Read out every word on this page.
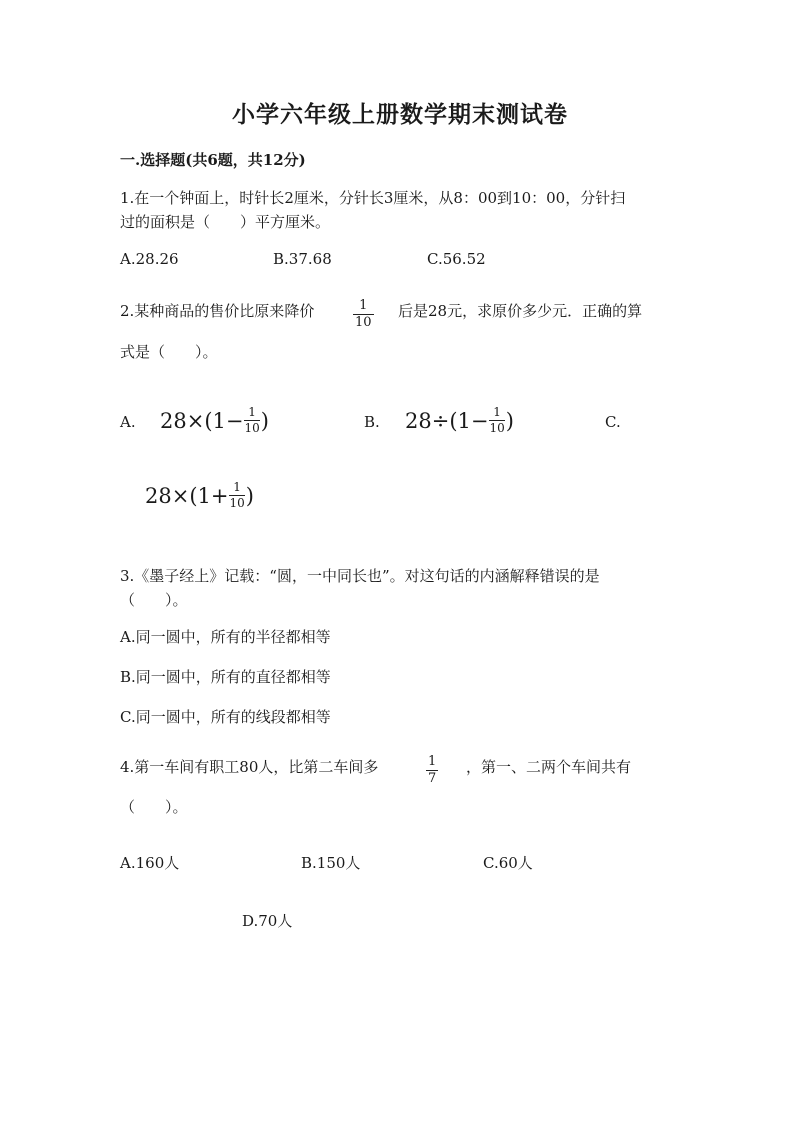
小学六年级上册数学期末测试卷
一.选择题(共6题，共12分)
1.在一个钟面上，时针长2厘米，分针长3厘米，从8：00到10：00，分针扫
过的面积是（　　）平方厘米。
A.28.26	B.37.68	C.56.52
2.某种商品的售价比原来降价	1
10
后是28元，求原价多少元．正确的算
式是（　　）。
A. 28×(1− 1
10 )	B. 28÷(1− 1
10 )	C.
28×(1+ 1
10 )
3.《墨子经上》记载：“圆，一中同长也”。对这句话的内涵解释错误的是
（　　）。
A.同一圆中，所有的半径都相等
B.同一圆中，所有的直径都相等
C.同一圆中，所有的线段都相等
4.第一车间有职工80人，比第二车间多	1
7
，第一、二两个车间共有
（　　）。
A.160人	B.150人	C.60人
D.70人
